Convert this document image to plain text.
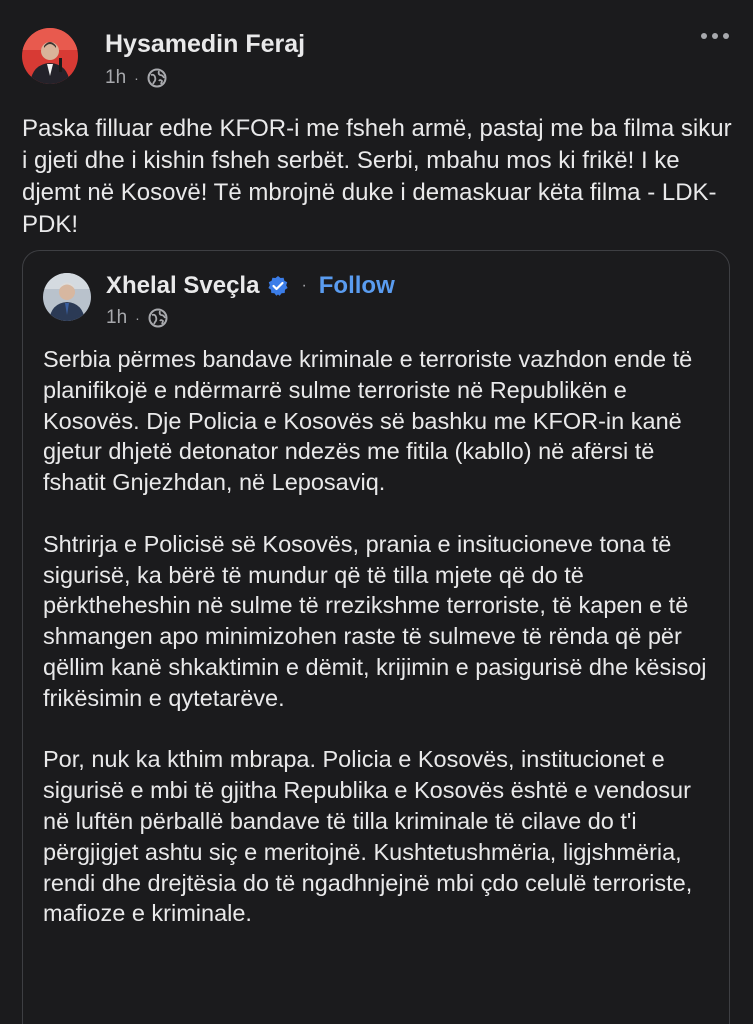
Hysamedin Feraj
1h ·

Paska filluar edhe KFOR-i me fsheh armë, pastaj me ba filma sikur i gjeti dhe i kishin fsheh serbët. Serbi, mbahu mos ki frikë! I ke djemt në Kosovë! Të mbrojnë duke i demaskuar këta filma - LDK-PDK!

Xhelal Sveçla	· Follow
1h ·

Serbia përmes bandave kriminale e terroriste vazhdon ende të planifikojë e ndërmarrë sulme terroriste në Republikën e Kosovës. Dje Policia e Kosovës së bashku me KFOR-in kanë gjetur dhjetë detonator ndezës me fitila (kabllo) në afërsi të fshatit Gnjezhdan, në Leposaviq.

Shtrirja e Policisë së Kosovës, prania e insitucioneve tona të sigurisë, ka bërë të mundur që të tilla mjete që do të përktheheshin në sulme të rrezikshme terroriste, të kapen e të shmangen apo minimizohen raste të sulmeve të rënda që për qëllim kanë shkaktimin e dëmit, krijimin e pasigurisë dhe kësisoj frikësimin e qytetarëve.

Por, nuk ka kthim mbrapa. Policia e Kosovës, institucionet e sigurisë e mbi të gjitha Republika e Kosovës është e vendosur në luftën përballë bandave të tilla kriminale të cilave do t'i përgjigjet ashtu siç e meritojnë. Kushtetushmëria, ligjshmëria, rendi dhe drejtësia do të ngadhnjejnë mbi çdo celulë terroriste, mafioze e kriminale.
